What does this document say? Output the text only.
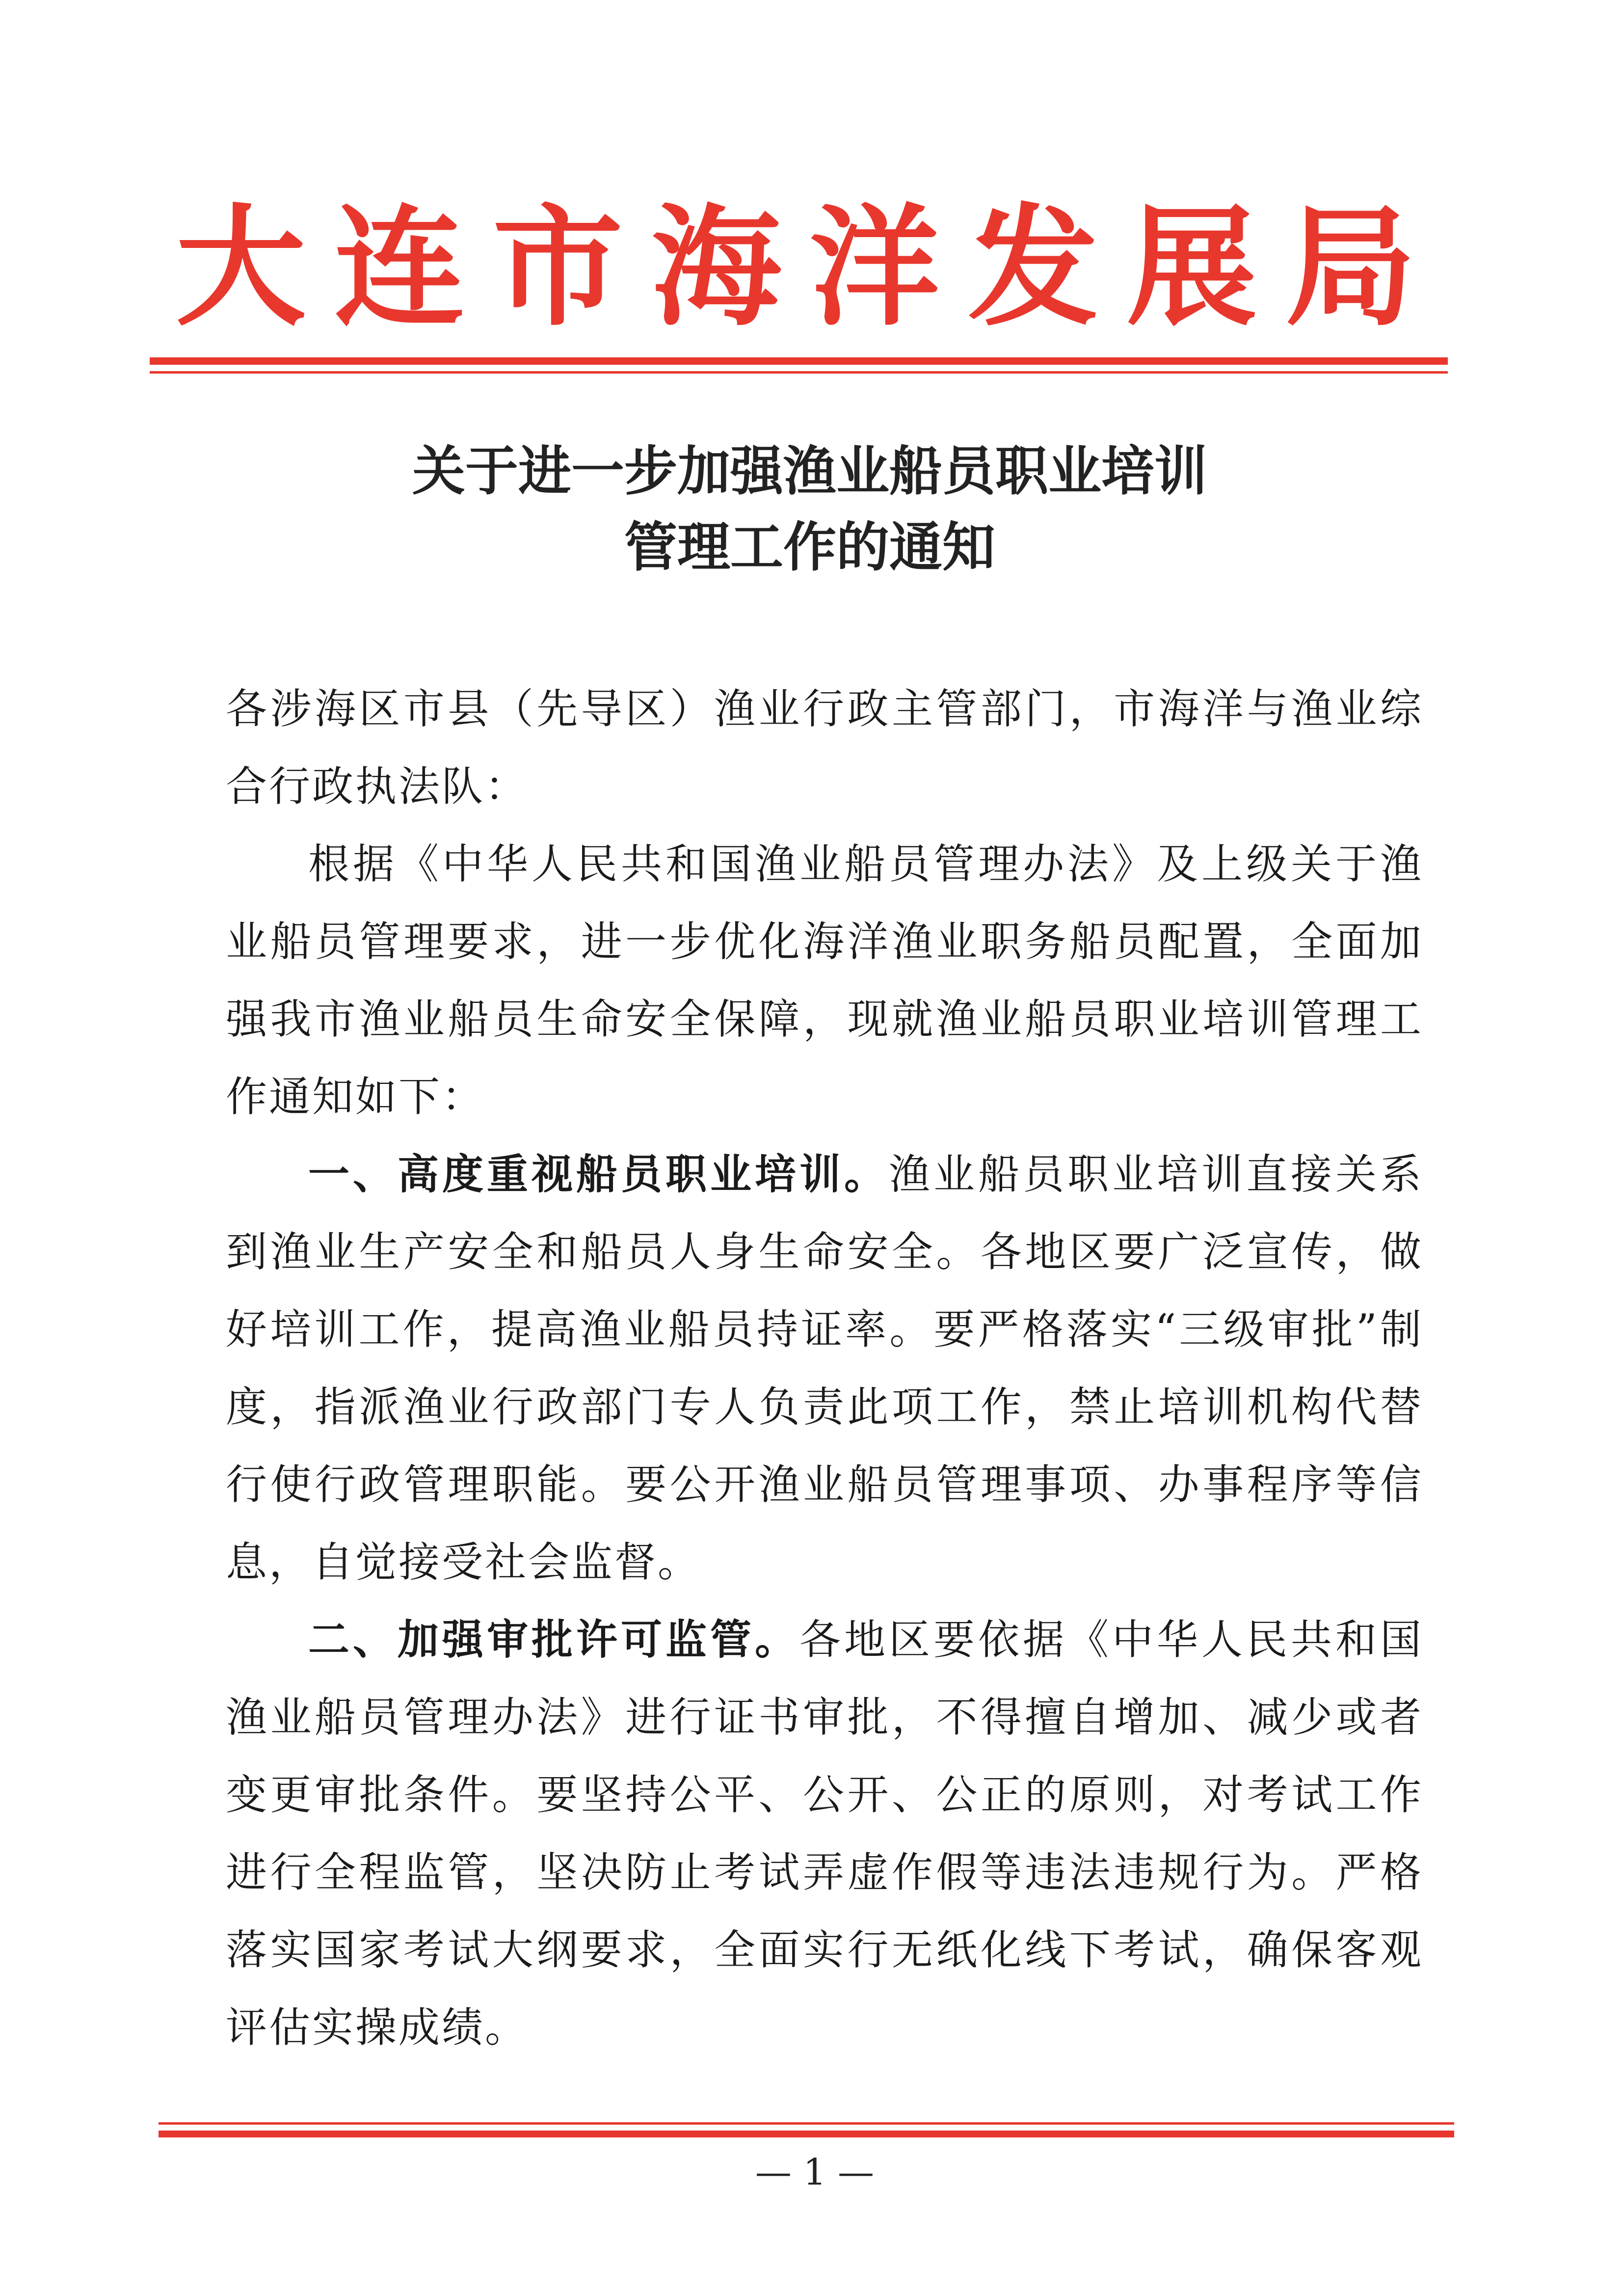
大连市海洋发展局
关于进一步加强渔业船员职业培训
管理工作的通知

各涉海区市县（先导区）渔业行政主管部门，市海洋与渔业综合行政执法队：

根据《中华人民共和国渔业船员管理办法》及上级关于渔业船员管理要求，进一步优化海洋渔业职务船员配置，全面加强我市渔业船员生命安全保障，现就渔业船员职业培训管理工作通知如下：

一、高度重视船员职业培训。渔业船员职业培训直接关系到渔业生产安全和船员人身生命安全。各地区要广泛宣传，做好培训工作，提高渔业船员持证率。要严格落实“三级审批”制度，指派渔业行政部门专人负责此项工作，禁止培训机构代替行使行政管理职能。要公开渔业船员管理事项、办事程序等信息，自觉接受社会监督。

二、加强审批许可监管。各地区要依据《中华人民共和国渔业船员管理办法》进行证书审批，不得擅自增加、减少或者变更审批条件。要坚持公平、公开、公正的原则，对考试工作进行全程监管，坚决防止考试弄虚作假等违法违规行为。严格落实国家考试大纲要求，全面实行无纸化线下考试，确保客观评估实操成绩。

— 1 —
